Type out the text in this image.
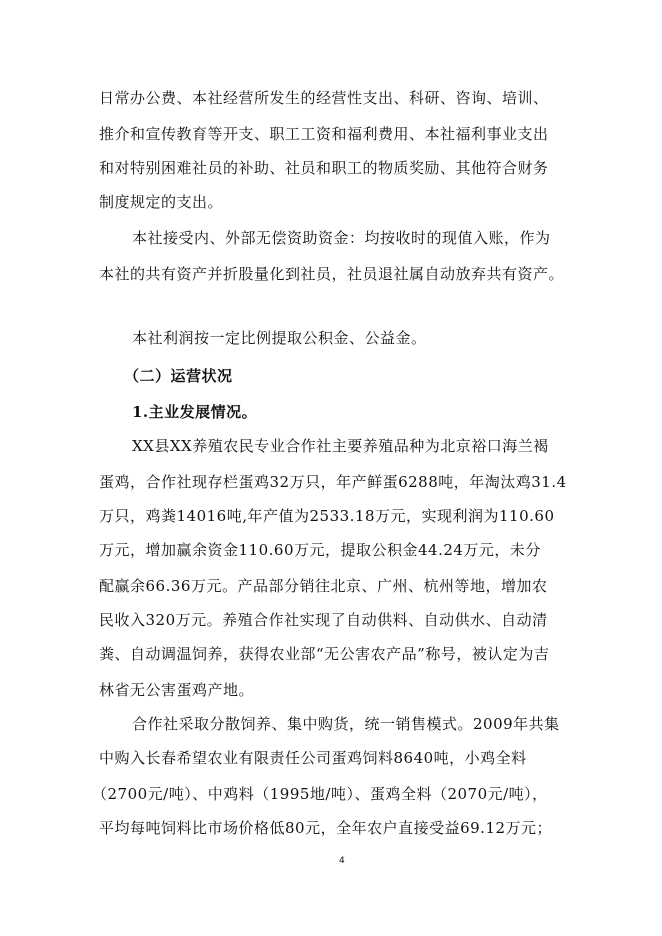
日常办公费、本社经营所发生的经营性支出、科研、咨询、培训、
推介和宣传教育等开支、职工工资和福利费用、本社福利事业支出
和对特别困难社员的补助、社员和职工的物质奖励、其他符合财务
制度规定的支出。
本社接受内、外部无偿资助资金：均按收时的现值入账，作为
本社的共有资产并折股量化到社员，社员退社属自动放弃共有资产。
本社利润按一定比例提取公积金、公益金。
（二）运营状况
1.主业发展情况。
XX县XX养殖农民专业合作社主要养殖品种为北京裕口海兰褐
蛋鸡，合作社现存栏蛋鸡32万只，年产鲜蛋6288吨，年淘汰鸡31.4
万只，鸡粪14016吨,年产值为2533.18万元，实现利润为110.60
万元，增加赢余资金110.60万元，提取公积金44.24万元，未分
配赢余66.36万元。产品部分销往北京、广州、杭州等地，增加农
民收入320万元。养殖合作社实现了自动供料、自动供水、自动清
粪、自动调温饲养，获得农业部“无公害农产品”称号，被认定为吉
林省无公害蛋鸡产地。
合作社采取分散饲养、集中购货，统一销售模式。2009年共集
中购入长春希望农业有限责任公司蛋鸡饲料8640吨，小鸡全料
（2700元/吨）、中鸡料（1995地/吨）、蛋鸡全料（2070元/吨），
平均每吨饲料比市场价格低80元，全年农户直接受益69.12万元；
4
